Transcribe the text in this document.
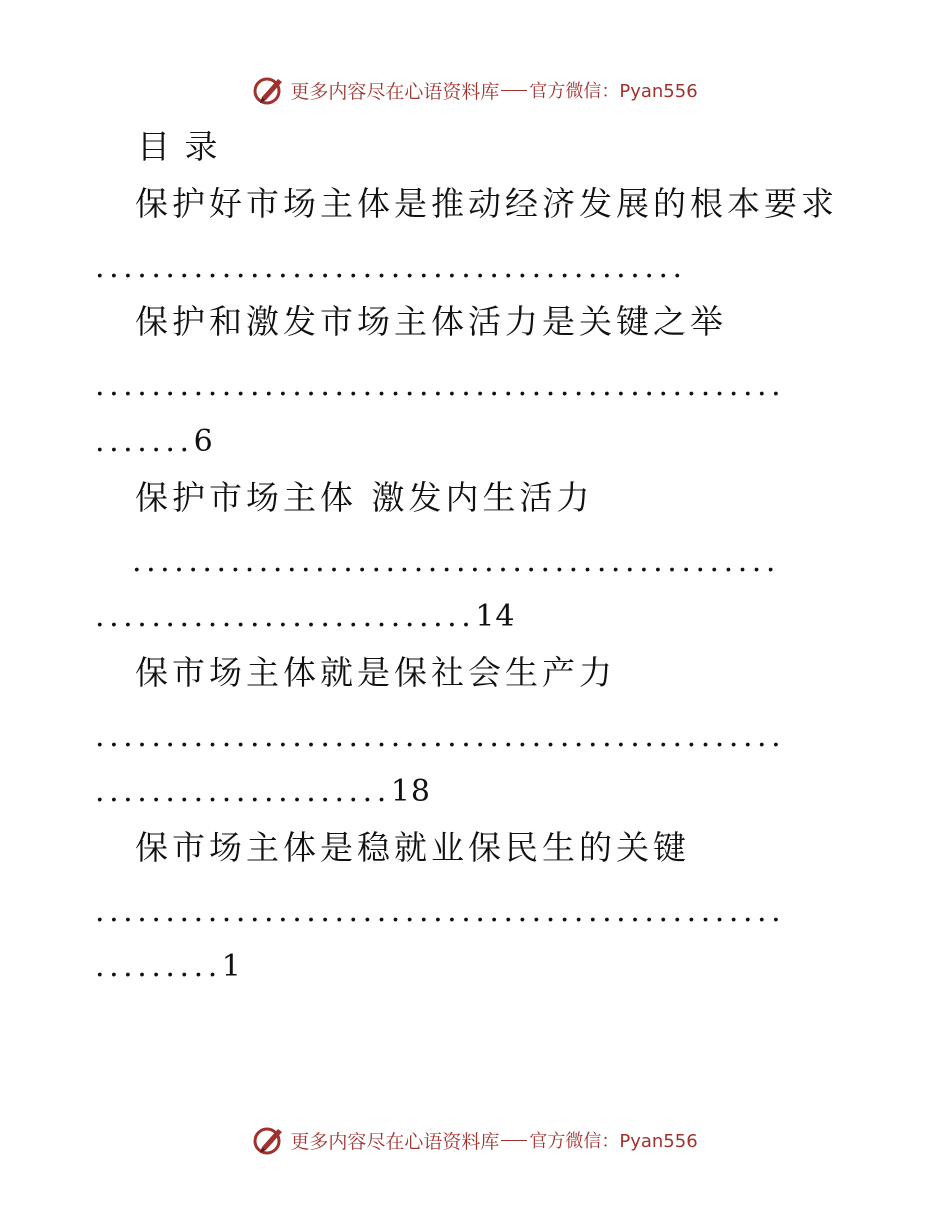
更多内容尽在心语资料库 官方微信：Pyan556
目 录
保护好市场主体是推动经济发展的根本要求
..........................................
保护和激发市场主体活力是关键之举
.................................................
.......6
保护市场主体 激发内生活力
..............................................
...........................14
保市场主体就是保社会生产力
.................................................
.....................18
保市场主体是稳就业保民生的关键
.................................................
.........1
更多内容尽在心语资料库 官方微信：Pyan556
